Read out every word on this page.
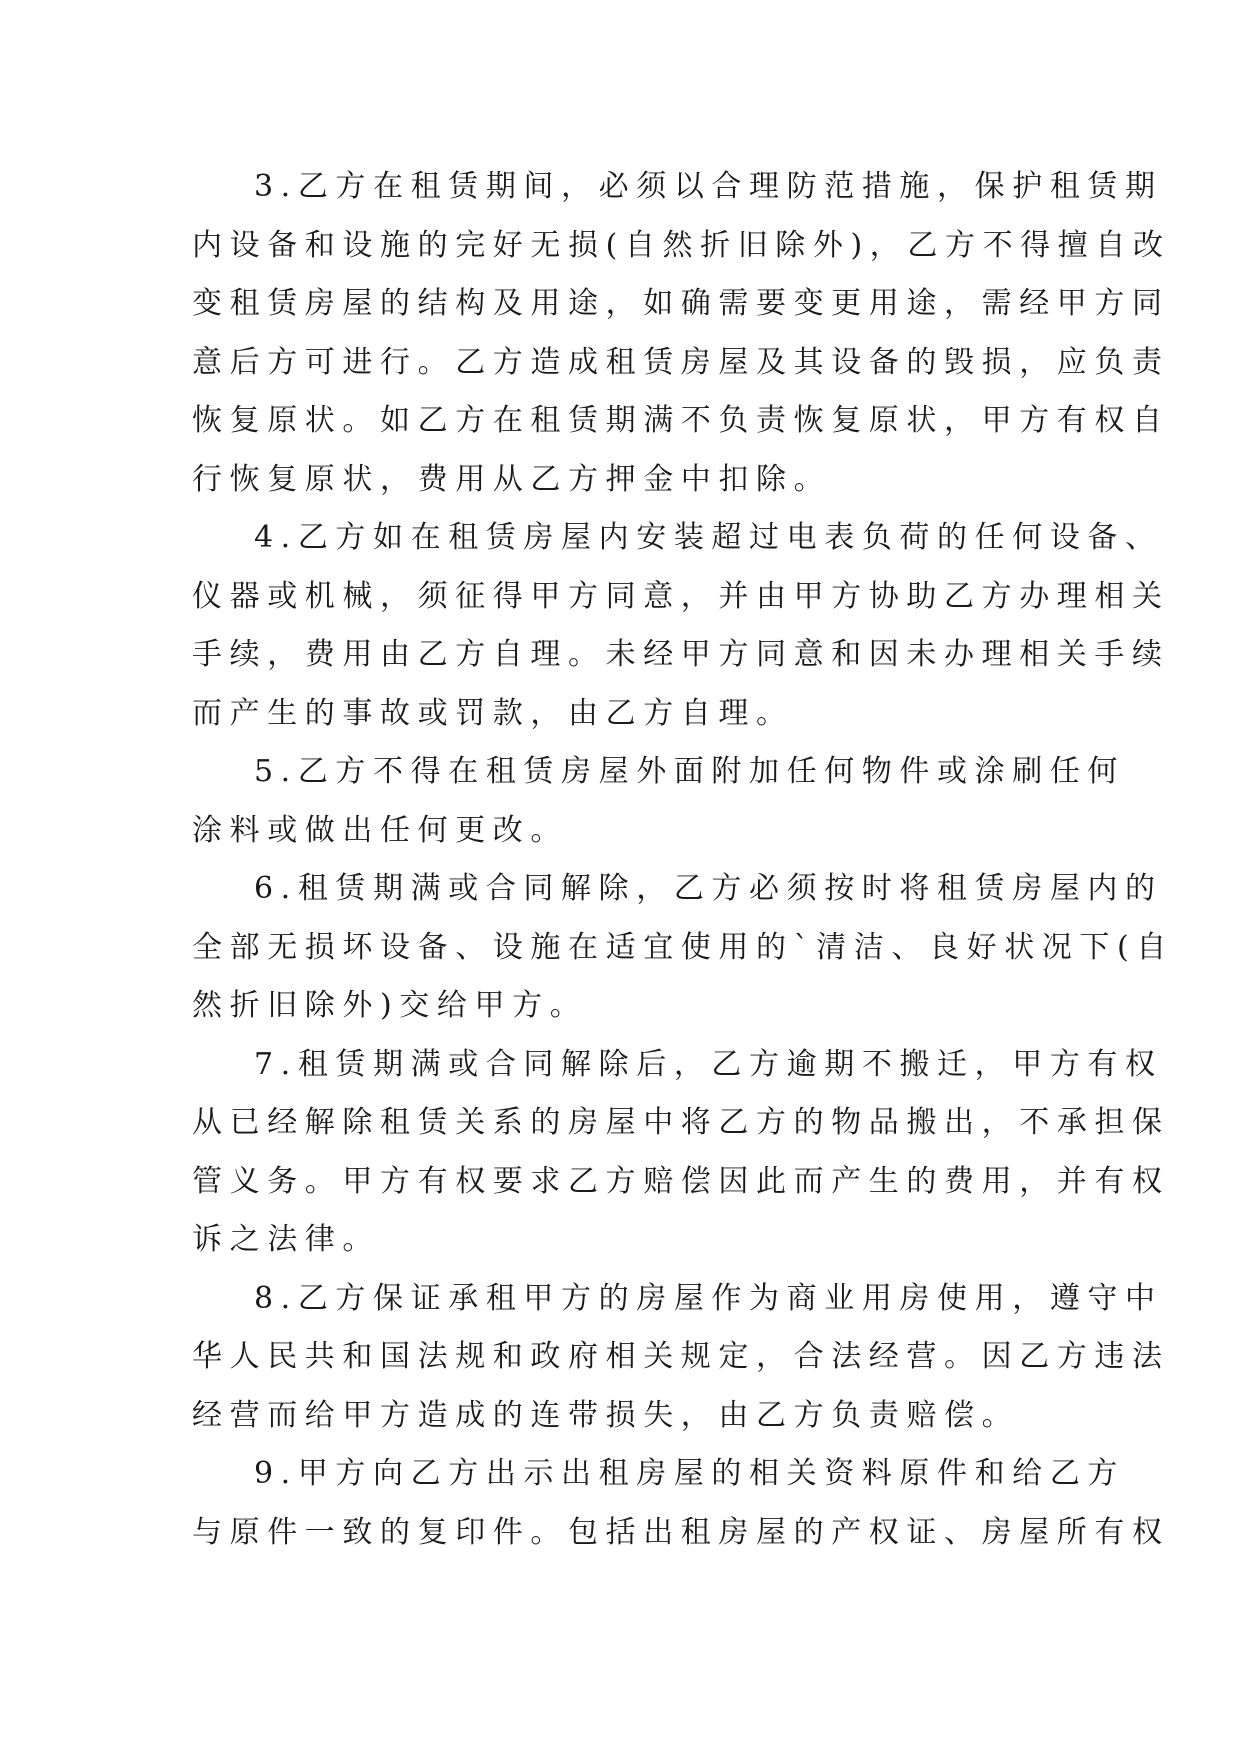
3.乙方在租赁期间，必须以合理防范措施，保护租赁期
内设备和设施的完好无损(自然折旧除外)，乙方不得擅自改
变租赁房屋的结构及用途，如确需要变更用途，需经甲方同
意后方可进行。乙方造成租赁房屋及其设备的毁损，应负责
恢复原状。如乙方在租赁期满不负责恢复原状，甲方有权自
行恢复原状，费用从乙方押金中扣除。
4.乙方如在租赁房屋内安装超过电表负荷的任何设备、
仪器或机械，须征得甲方同意，并由甲方协助乙方办理相关
手续，费用由乙方自理。未经甲方同意和因未办理相关手续
而产生的事故或罚款，由乙方自理。
5.乙方不得在租赁房屋外面附加任何物件或涂刷任何
涂料或做出任何更改。
6.租赁期满或合同解除，乙方必须按时将租赁房屋内的
全部无损坏设备、设施在适宜使用的`清洁、良好状况下(自
然折旧除外)交给甲方。
7.租赁期满或合同解除后，乙方逾期不搬迁，甲方有权
从已经解除租赁关系的房屋中将乙方的物品搬出，不承担保
管义务。甲方有权要求乙方赔偿因此而产生的费用，并有权
诉之法律。
8.乙方保证承租甲方的房屋作为商业用房使用，遵守中
华人民共和国法规和政府相关规定，合法经营。因乙方违法
经营而给甲方造成的连带损失，由乙方负责赔偿。
9.甲方向乙方出示出租房屋的相关资料原件和给乙方
与原件一致的复印件。包括出租房屋的产权证、房屋所有权
